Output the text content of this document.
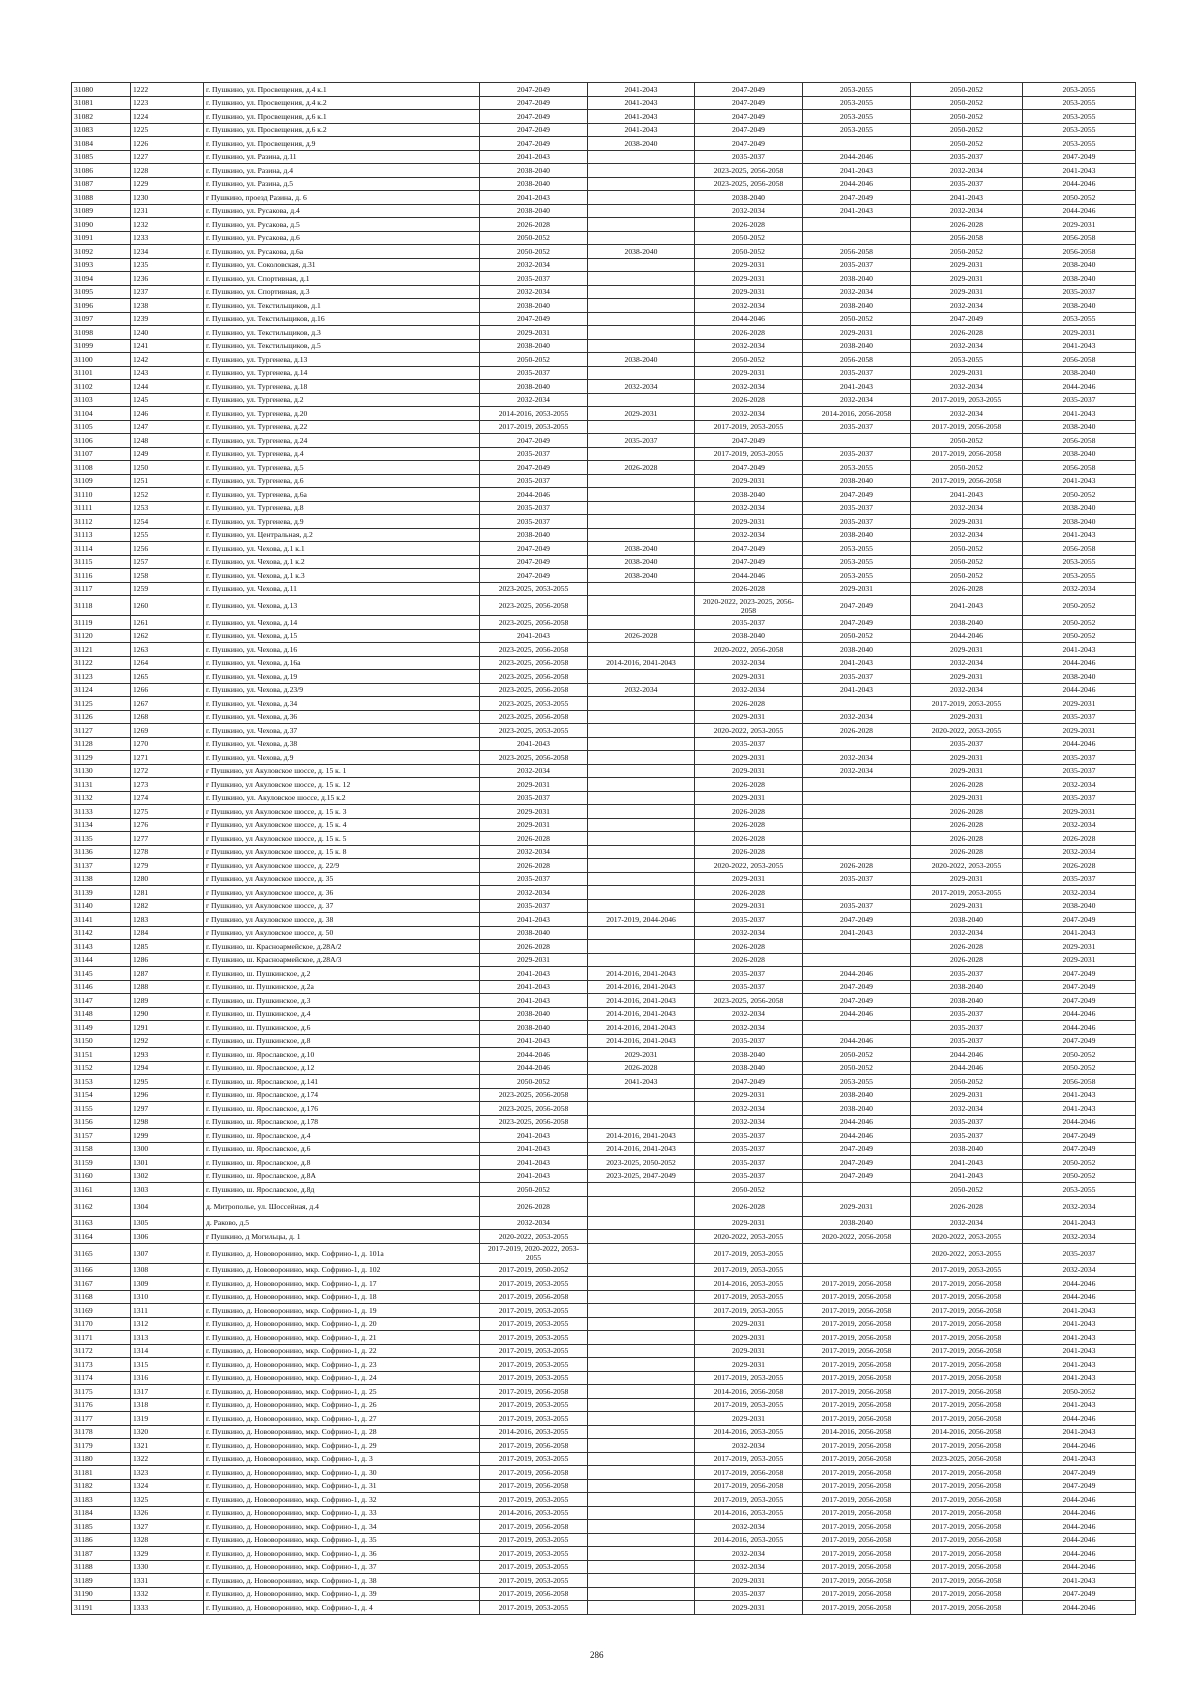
31080	1222	г. Пушкино, ул. Просвещения, д.4 к.1	2047-2049	2041-2043	2047-2049	2053-2055	2050-2052	2053-2055
31081	1223	г. Пушкино, ул. Просвещения, д.4 к.2	2047-2049	2041-2043	2047-2049	2053-2055	2050-2052	2053-2055
31082	1224	г. Пушкино, ул. Просвещения, д.6 к.1	2047-2049	2041-2043	2047-2049	2053-2055	2050-2052	2053-2055
31083	1225	г. Пушкино, ул. Просвещения, д.6 к.2	2047-2049	2041-2043	2047-2049	2053-2055	2050-2052	2053-2055
31084	1226	г. Пушкино, ул. Просвещения, д.9	2047-2049	2038-2040	2047-2049		2050-2052	2053-2055
31085	1227	г. Пушкино, ул. Разина, д.11	2041-2043		2035-2037	2044-2046	2035-2037	2047-2049
31086	1228	г. Пушкино, ул. Разина, д.4	2038-2040		2023-2025, 2056-2058	2041-2043	2032-2034	2041-2043
31087	1229	г. Пушкино, ул. Разина, д.5	2038-2040		2023-2025, 2056-2058	2044-2046	2035-2037	2044-2046
31088	1230	г Пушкино, проезд Разина, д. 6	2041-2043		2038-2040	2047-2049	2041-2043	2050-2052
31089	1231	г. Пушкино, ул. Русакова, д.4	2038-2040		2032-2034	2041-2043	2032-2034	2044-2046
31090	1232	г. Пушкино, ул. Русакова, д.5	2026-2028		2026-2028		2026-2028	2029-2031
31091	1233	г. Пушкино, ул. Русакова, д.6	2050-2052		2050-2052		2056-2058	2056-2058
31092	1234	г. Пушкино, ул. Русакова, д.6а	2050-2052	2038-2040	2050-2052	2056-2058	2050-2052	2056-2058
31093	1235	г. Пушкино, ул. Соколовская, д.31	2032-2034		2029-2031	2035-2037	2029-2031	2038-2040
31094	1236	г. Пушкино, ул. Спортивная, д.1	2035-2037		2029-2031	2038-2040	2029-2031	2038-2040
31095	1237	г. Пушкино, ул. Спортивная, д.3	2032-2034		2029-2031	2032-2034	2029-2031	2035-2037
31096	1238	г. Пушкино, ул. Текстильщиков, д.1	2038-2040		2032-2034	2038-2040	2032-2034	2038-2040
31097	1239	г. Пушкино, ул. Текстильщиков, д.16	2047-2049		2044-2046	2050-2052	2047-2049	2053-2055
31098	1240	г. Пушкино, ул. Текстильщиков, д.3	2029-2031		2026-2028	2029-2031	2026-2028	2029-2031
31099	1241	г. Пушкино, ул. Текстильщиков, д.5	2038-2040		2032-2034	2038-2040	2032-2034	2041-2043
31100	1242	г. Пушкино, ул. Тургенева, д.13	2050-2052	2038-2040	2050-2052	2056-2058	2053-2055	2056-2058
31101	1243	г. Пушкино, ул. Тургенева, д.14	2035-2037		2029-2031	2035-2037	2029-2031	2038-2040
31102	1244	г. Пушкино, ул. Тургенева, д.18	2038-2040	2032-2034	2032-2034	2041-2043	2032-2034	2044-2046
31103	1245	г. Пушкино, ул. Тургенева, д.2	2032-2034		2026-2028	2032-2034	2017-2019, 2053-2055	2035-2037
31104	1246	г. Пушкино, ул. Тургенева, д.20	2014-2016, 2053-2055	2029-2031	2032-2034	2014-2016, 2056-2058	2032-2034	2041-2043
31105	1247	г. Пушкино, ул. Тургенева, д.22	2017-2019, 2053-2055		2017-2019, 2053-2055	2035-2037	2017-2019, 2056-2058	2038-2040
31106	1248	г. Пушкино, ул. Тургенева, д.24	2047-2049	2035-2037	2047-2049		2050-2052	2056-2058
31107	1249	г. Пушкино, ул. Тургенева, д.4	2035-2037		2017-2019, 2053-2055	2035-2037	2017-2019, 2056-2058	2038-2040
31108	1250	г. Пушкино, ул. Тургенева, д.5	2047-2049	2026-2028	2047-2049	2053-2055	2050-2052	2056-2058
31109	1251	г. Пушкино, ул. Тургенева, д.6	2035-2037		2029-2031	2038-2040	2017-2019, 2056-2058	2041-2043
31110	1252	г. Пушкино, ул. Тургенева, д.6а	2044-2046		2038-2040	2047-2049	2041-2043	2050-2052
31111	1253	г. Пушкино, ул. Тургенева, д.8	2035-2037		2032-2034	2035-2037	2032-2034	2038-2040
31112	1254	г. Пушкино, ул. Тургенева, д.9	2035-2037		2029-2031	2035-2037	2029-2031	2038-2040
31113	1255	г. Пушкино, ул. Центральная, д.2	2038-2040		2032-2034	2038-2040	2032-2034	2041-2043
31114	1256	г. Пушкино, ул. Чехова, д.1 к.1	2047-2049	2038-2040	2047-2049	2053-2055	2050-2052	2056-2058
31115	1257	г. Пушкино, ул. Чехова, д.1 к.2	2047-2049	2038-2040	2047-2049	2053-2055	2050-2052	2053-2055
31116	1258	г. Пушкино, ул. Чехова, д.1 к.3	2047-2049	2038-2040	2044-2046	2053-2055	2050-2052	2053-2055
31117	1259	г. Пушкино, ул. Чехова, д.11	2023-2025, 2053-2055		2026-2028	2029-2031	2026-2028	2032-2034
31118	1260	г. Пушкино, ул. Чехова, д.13	2023-2025, 2056-2058		2020-2022, 2023-2025, 2056-2058	2047-2049	2041-2043	2050-2052
31119	1261	г. Пушкино, ул. Чехова, д.14	2023-2025, 2056-2058		2035-2037	2047-2049	2038-2040	2050-2052
31120	1262	г. Пушкино, ул. Чехова, д.15	2041-2043	2026-2028	2038-2040	2050-2052	2044-2046	2050-2052
31121	1263	г. Пушкино, ул. Чехова, д.16	2023-2025, 2056-2058		2020-2022, 2056-2058	2038-2040	2029-2031	2041-2043
31122	1264	г. Пушкино, ул. Чехова, д.16а	2023-2025, 2056-2058	2014-2016, 2041-2043	2032-2034	2041-2043	2032-2034	2044-2046
31123	1265	г. Пушкино, ул. Чехова, д.19	2023-2025, 2056-2058		2029-2031	2035-2037	2029-2031	2038-2040
31124	1266	г. Пушкино, ул. Чехова, д.23/9	2023-2025, 2056-2058	2032-2034	2032-2034	2041-2043	2032-2034	2044-2046
31125	1267	г. Пушкино, ул. Чехова, д.34	2023-2025, 2053-2055		2026-2028		2017-2019, 2053-2055	2029-2031
31126	1268	г. Пушкино, ул. Чехова, д.36	2023-2025, 2056-2058		2029-2031	2032-2034	2029-2031	2035-2037
31127	1269	г. Пушкино, ул. Чехова, д.37	2023-2025, 2053-2055		2020-2022, 2053-2055	2026-2028	2020-2022, 2053-2055	2029-2031
31128	1270	г. Пушкино, ул. Чехова, д.38	2041-2043		2035-2037		2035-2037	2044-2046
31129	1271	г. Пушкино, ул. Чехова, д.9	2023-2025, 2056-2058		2029-2031	2032-2034	2029-2031	2035-2037
31130	1272	г Пушкино, ул Акуловское шоссе, д. 15 к. 1	2032-2034		2029-2031	2032-2034	2029-2031	2035-2037
31131	1273	г Пушкино, ул Акуловское шоссе, д. 15 к. 12	2029-2031		2026-2028		2026-2028	2032-2034
31132	1274	г. Пушкино, ул. Акуловское шоссе, д.15 к.2	2035-2037		2029-2031		2029-2031	2035-2037
31133	1275	г Пушкино, ул Акуловское шоссе, д. 15 к. 3	2029-2031		2026-2028		2026-2028	2029-2031
31134	1276	г Пушкино, ул Акуловское шоссе, д. 15 к. 4	2029-2031		2026-2028		2026-2028	2032-2034
31135	1277	г Пушкино, ул Акуловское шоссе, д. 15 к. 5	2026-2028		2026-2028		2026-2028	2026-2028
31136	1278	г Пушкино, ул Акуловское шоссе, д. 15 к. 8	2032-2034		2026-2028		2026-2028	2032-2034
31137	1279	г Пушкино, ул Акуловское шоссе, д. 22/9	2026-2028		2020-2022, 2053-2055	2026-2028	2020-2022, 2053-2055	2026-2028
31138	1280	г Пушкино, ул Акуловское шоссе, д. 35	2035-2037		2029-2031	2035-2037	2029-2031	2035-2037
31139	1281	г Пушкино, ул Акуловское шоссе, д. 36	2032-2034		2026-2028		2017-2019, 2053-2055	2032-2034
31140	1282	г Пушкино, ул Акуловское шоссе, д. 37	2035-2037		2029-2031	2035-2037	2029-2031	2038-2040
31141	1283	г Пушкино, ул Акуловское шоссе, д. 38	2041-2043	2017-2019, 2044-2046	2035-2037	2047-2049	2038-2040	2047-2049
31142	1284	г Пушкино, ул Акуловское шоссе, д. 50	2038-2040		2032-2034	2041-2043	2032-2034	2041-2043
31143	1285	г. Пушкино, ш. Красноармейское, д.28А/2	2026-2028		2026-2028		2026-2028	2029-2031
31144	1286	г. Пушкино, ш. Красноармейское, д.28А/3	2029-2031		2026-2028		2026-2028	2029-2031
31145	1287	г. Пушкино, ш. Пушкинское, д.2	2041-2043	2014-2016, 2041-2043	2035-2037	2044-2046	2035-2037	2047-2049
31146	1288	г. Пушкино, ш. Пушкинское, д.2а	2041-2043	2014-2016, 2041-2043	2035-2037	2047-2049	2038-2040	2047-2049
31147	1289	г. Пушкино, ш. Пушкинское, д.3	2041-2043	2014-2016, 2041-2043	2023-2025, 2056-2058	2047-2049	2038-2040	2047-2049
31148	1290	г. Пушкино, ш. Пушкинское, д.4	2038-2040	2014-2016, 2041-2043	2032-2034	2044-2046	2035-2037	2044-2046
31149	1291	г. Пушкино, ш. Пушкинское, д.6	2038-2040	2014-2016, 2041-2043	2032-2034		2035-2037	2044-2046
31150	1292	г. Пушкино, ш. Пушкинское, д.8	2041-2043	2014-2016, 2041-2043	2035-2037	2044-2046	2035-2037	2047-2049
31151	1293	г. Пушкино, ш. Ярославское, д.10	2044-2046	2029-2031	2038-2040	2050-2052	2044-2046	2050-2052
31152	1294	г. Пушкино, ш. Ярославское, д.12	2044-2046	2026-2028	2038-2040	2050-2052	2044-2046	2050-2052
31153	1295	г. Пушкино, ш. Ярославское, д.141	2050-2052	2041-2043	2047-2049	2053-2055	2050-2052	2056-2058
31154	1296	г. Пушкино, ш. Ярославское, д.174	2023-2025, 2056-2058		2029-2031	2038-2040	2029-2031	2041-2043
31155	1297	г. Пушкино, ш. Ярославское, д.176	2023-2025, 2056-2058		2032-2034	2038-2040	2032-2034	2041-2043
31156	1298	г. Пушкино, ш. Ярославское, д.178	2023-2025, 2056-2058		2032-2034	2044-2046	2035-2037	2044-2046
31157	1299	г. Пушкино, ш. Ярославское, д.4	2041-2043	2014-2016, 2041-2043	2035-2037	2044-2046	2035-2037	2047-2049
31158	1300	г. Пушкино, ш. Ярославское, д.6	2041-2043	2014-2016, 2041-2043	2035-2037	2047-2049	2038-2040	2047-2049
31159	1301	г. Пушкино, ш. Ярославское, д.8	2041-2043	2023-2025, 2050-2052	2035-2037	2047-2049	2041-2043	2050-2052
31160	1302	г. Пушкино, ш. Ярославское, д.8А	2041-2043	2023-2025, 2047-2049	2035-2037	2047-2049	2041-2043	2050-2052
31161	1303	г. Пушкино, ш. Ярославское, д.8д	2050-2052		2050-2052		2050-2052	2053-2055
31162	1304	д. Митрополье, ул. Шоссейная, д.4	2026-2028		2026-2028	2029-2031	2026-2028	2032-2034
31163	1305	д. Раково, д.5	2032-2034		2029-2031	2038-2040	2032-2034	2041-2043
31164	1306	г Пушкино, д Могильцы, д. 1	2020-2022, 2053-2055		2020-2022, 2053-2055	2020-2022, 2056-2058	2020-2022, 2053-2055	2032-2034
31165	1307	г. Пушкино, д. Нововоронино, мкр. Софрино-1, д. 101а	2017-2019, 2020-2022, 2053-2055		2017-2019, 2053-2055		2020-2022, 2053-2055	2035-2037
31166	1308	г. Пушкино, д. Нововоронино, мкр. Софрино-1, д. 102	2017-2019, 2050-2052		2017-2019, 2053-2055		2017-2019, 2053-2055	2032-2034
31167	1309	г. Пушкино, д. Нововоронино, мкр. Софрино-1, д. 17	2017-2019, 2053-2055		2014-2016, 2053-2055	2017-2019, 2056-2058	2017-2019, 2056-2058	2044-2046
31168	1310	г. Пушкино, д. Нововоронино, мкр. Софрино-1, д. 18	2017-2019, 2056-2058		2017-2019, 2053-2055	2017-2019, 2056-2058	2017-2019, 2056-2058	2044-2046
31169	1311	г. Пушкино, д. Нововоронино, мкр. Софрино-1, д. 19	2017-2019, 2053-2055		2017-2019, 2053-2055	2017-2019, 2056-2058	2017-2019, 2056-2058	2041-2043
31170	1312	г. Пушкино, д. Нововоронино, мкр. Софрино-1, д. 20	2017-2019, 2053-2055		2029-2031	2017-2019, 2056-2058	2017-2019, 2056-2058	2041-2043
31171	1313	г. Пушкино, д. Нововоронино, мкр. Софрино-1, д. 21	2017-2019, 2053-2055		2029-2031	2017-2019, 2056-2058	2017-2019, 2056-2058	2041-2043
31172	1314	г. Пушкино, д. Нововоронино, мкр. Софрино-1, д. 22	2017-2019, 2053-2055		2029-2031	2017-2019, 2056-2058	2017-2019, 2056-2058	2041-2043
31173	1315	г. Пушкино, д. Нововоронино, мкр. Софрино-1, д. 23	2017-2019, 2053-2055		2029-2031	2017-2019, 2056-2058	2017-2019, 2056-2058	2041-2043
31174	1316	г. Пушкино, д. Нововоронино, мкр. Софрино-1, д. 24	2017-2019, 2053-2055		2017-2019, 2053-2055	2017-2019, 2056-2058	2017-2019, 2056-2058	2041-2043
31175	1317	г. Пушкино, д. Нововоронино, мкр. Софрино-1, д. 25	2017-2019, 2056-2058		2014-2016, 2056-2058	2017-2019, 2056-2058	2017-2019, 2056-2058	2050-2052
31176	1318	г. Пушкино, д. Нововоронино, мкр. Софрино-1, д. 26	2017-2019, 2053-2055		2017-2019, 2053-2055	2017-2019, 2056-2058	2017-2019, 2056-2058	2041-2043
31177	1319	г. Пушкино, д. Нововоронино, мкр. Софрино-1, д. 27	2017-2019, 2053-2055		2029-2031	2017-2019, 2056-2058	2017-2019, 2056-2058	2044-2046
31178	1320	г. Пушкино, д. Нововоронино, мкр. Софрино-1, д. 28	2014-2016, 2053-2055		2014-2016, 2053-2055	2014-2016, 2056-2058	2014-2016, 2056-2058	2041-2043
31179	1321	г. Пушкино, д. Нововоронино, мкр. Софрино-1, д. 29	2017-2019, 2056-2058		2032-2034	2017-2019, 2056-2058	2017-2019, 2056-2058	2044-2046
31180	1322	г. Пушкино, д. Нововоронино, мкр. Софрино-1, д. 3	2017-2019, 2053-2055		2017-2019, 2053-2055	2017-2019, 2056-2058	2023-2025, 2056-2058	2041-2043
31181	1323	г. Пушкино, д. Нововоронино, мкр. Софрино-1, д. 30	2017-2019, 2056-2058		2017-2019, 2056-2058	2017-2019, 2056-2058	2017-2019, 2056-2058	2047-2049
31182	1324	г. Пушкино, д. Нововоронино, мкр. Софрино-1, д. 31	2017-2019, 2056-2058		2017-2019, 2056-2058	2017-2019, 2056-2058	2017-2019, 2056-2058	2047-2049
31183	1325	г. Пушкино, д. Нововоронино, мкр. Софрино-1, д. 32	2017-2019, 2053-2055		2017-2019, 2053-2055	2017-2019, 2056-2058	2017-2019, 2056-2058	2044-2046
31184	1326	г. Пушкино, д. Нововоронино, мкр. Софрино-1, д. 33	2014-2016, 2053-2055		2014-2016, 2053-2055	2017-2019, 2056-2058	2017-2019, 2056-2058	2044-2046
31185	1327	г. Пушкино, д. Нововоронино, мкр. Софрино-1, д. 34	2017-2019, 2056-2058		2032-2034	2017-2019, 2056-2058	2017-2019, 2056-2058	2044-2046
31186	1328	г. Пушкино, д. Нововоронино, мкр. Софрино-1, д. 35	2017-2019, 2053-2055		2014-2016, 2053-2055	2017-2019, 2056-2058	2017-2019, 2056-2058	2044-2046
31187	1329	г. Пушкино, д. Нововоронино, мкр. Софрино-1, д. 36	2017-2019, 2053-2055		2032-2034	2017-2019, 2056-2058	2017-2019, 2056-2058	2044-2046
31188	1330	г. Пушкино, д. Нововоронино, мкр. Софрино-1, д. 37	2017-2019, 2053-2055		2032-2034	2017-2019, 2056-2058	2017-2019, 2056-2058	2044-2046
31189	1331	г. Пушкино, д. Нововоронино, мкр. Софрино-1, д. 38	2017-2019, 2053-2055		2029-2031	2017-2019, 2056-2058	2017-2019, 2056-2058	2041-2043
31190	1332	г. Пушкино, д. Нововоронино, мкр. Софрино-1, д. 39	2017-2019, 2056-2058		2035-2037	2017-2019, 2056-2058	2017-2019, 2056-2058	2047-2049
31191	1333	г. Пушкино, д. Нововоронино, мкр. Софрино-1, д. 4	2017-2019, 2053-2055		2029-2031	2017-2019, 2056-2058	2017-2019, 2056-2058	2044-2046
286
